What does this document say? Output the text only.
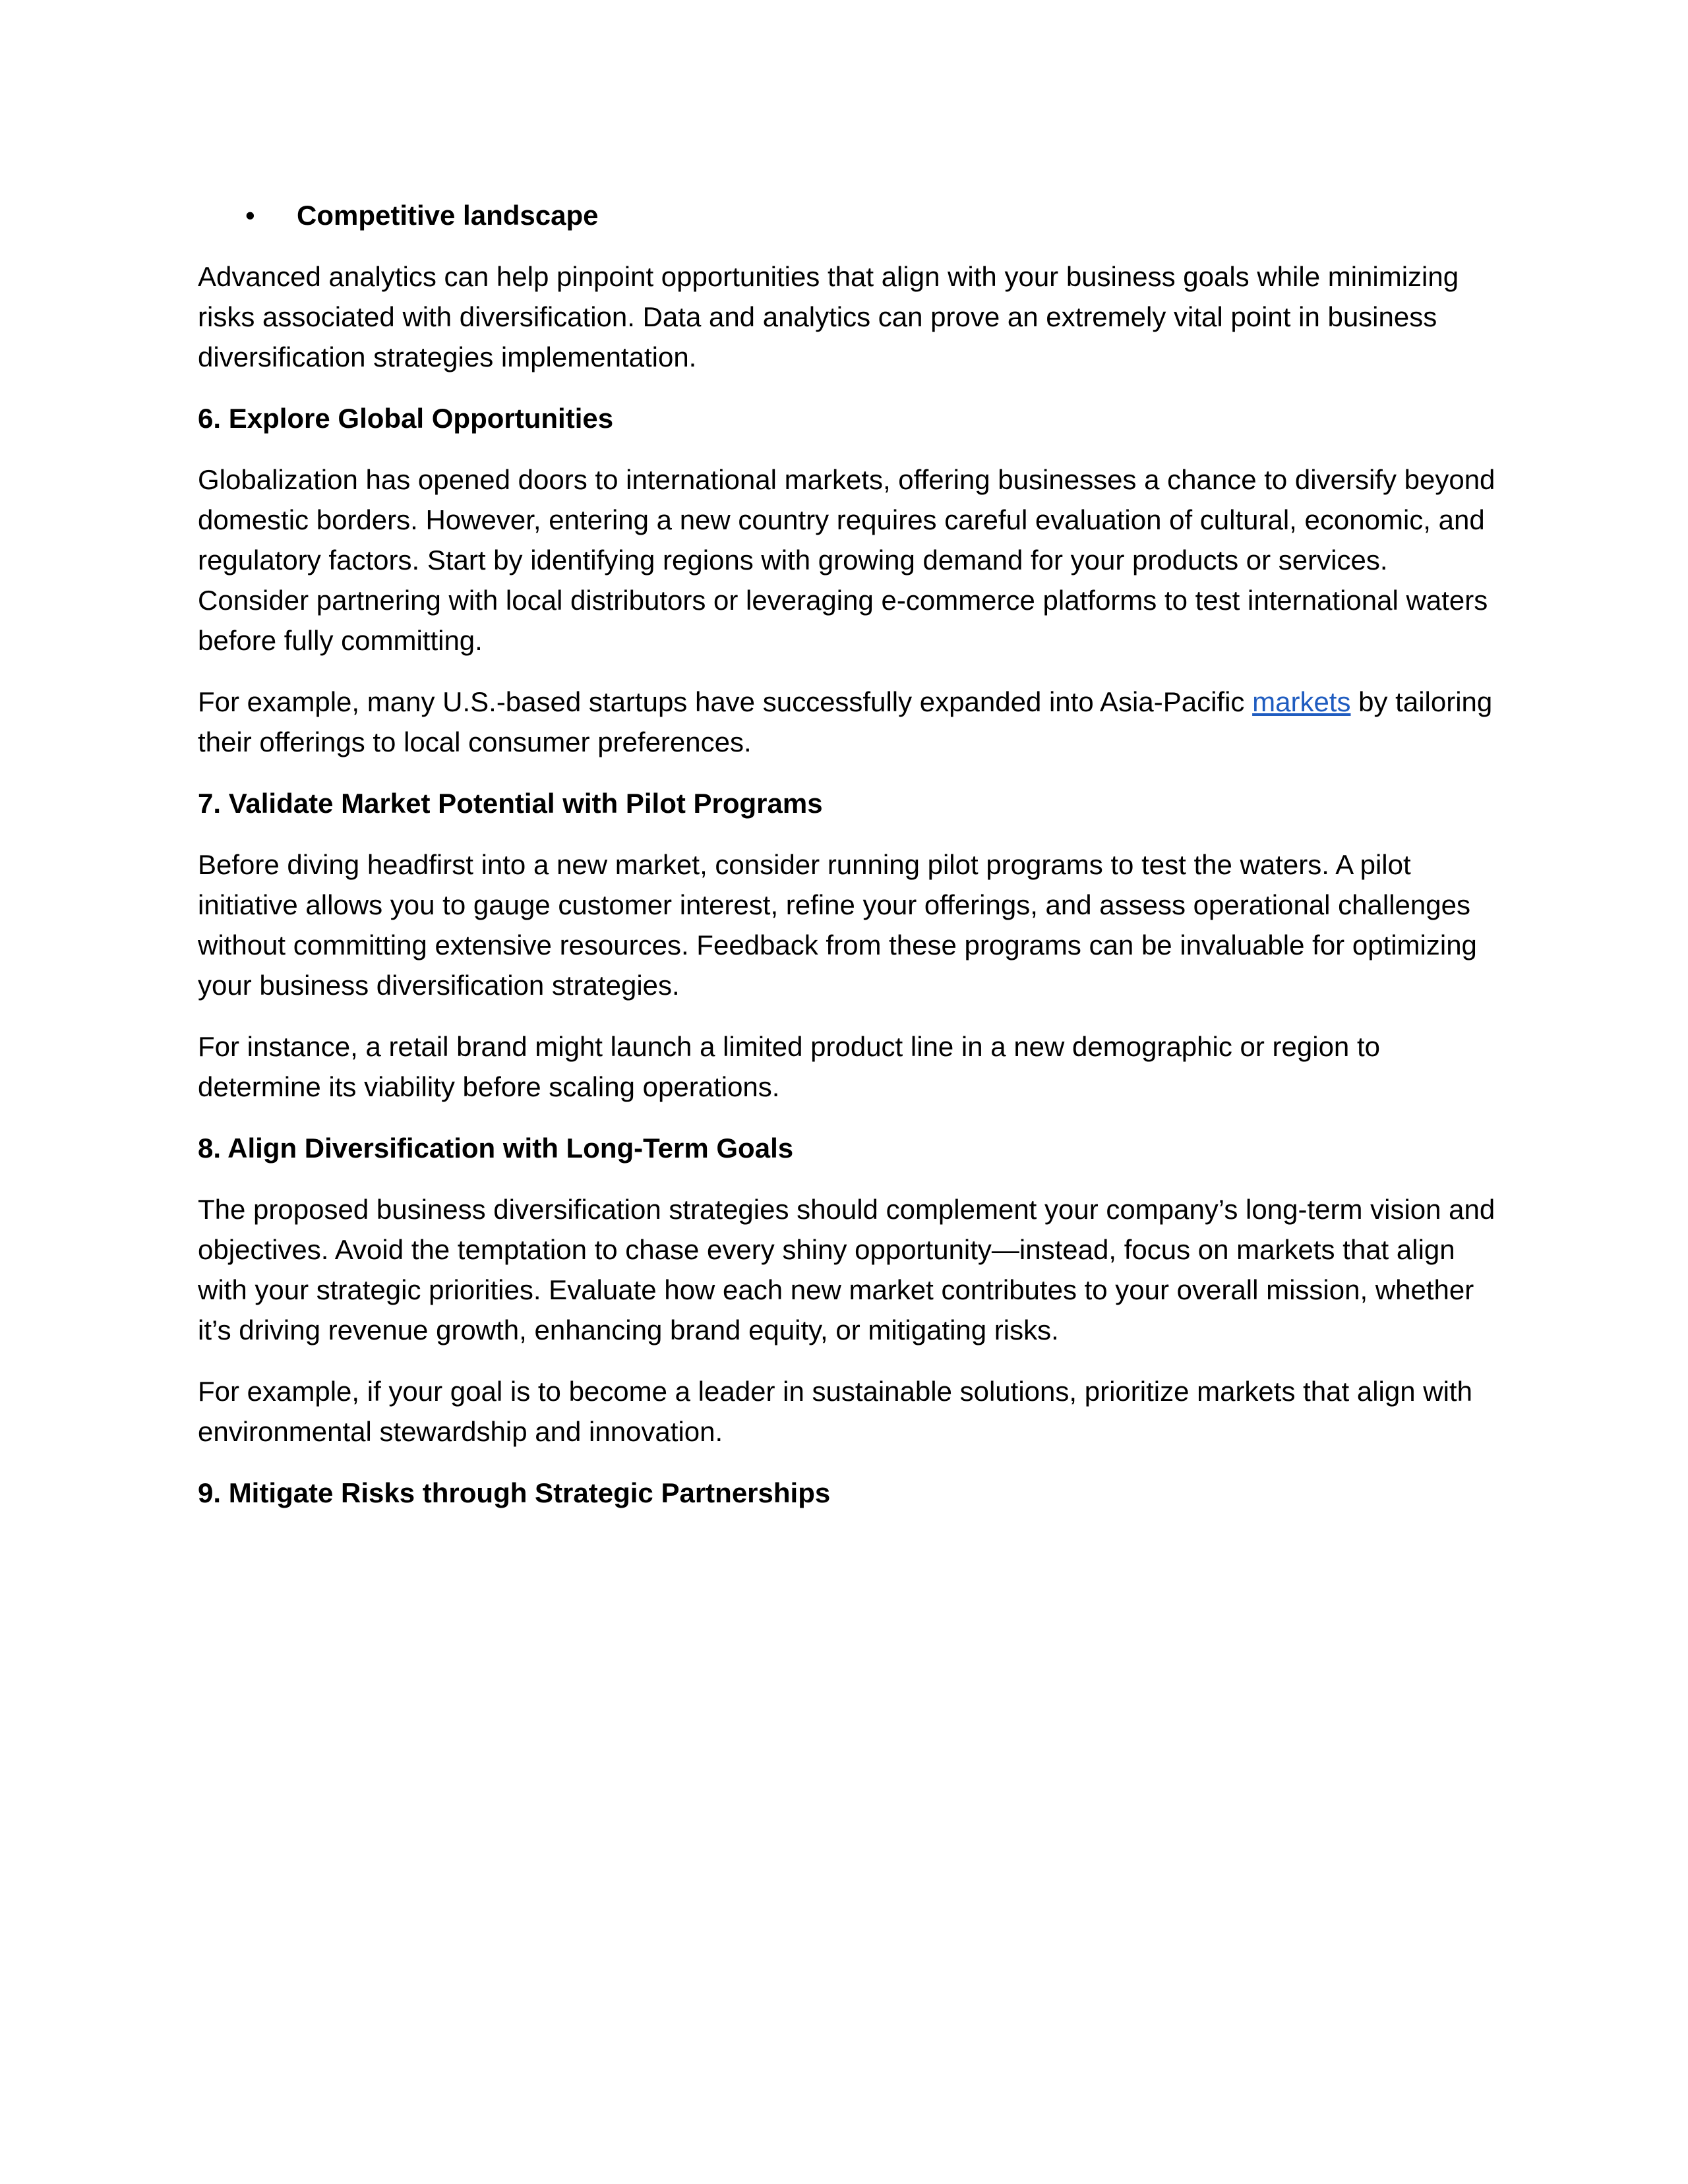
• Competitive landscape

Advanced analytics can help pinpoint opportunities that align with your business goals while minimizing risks associated with diversification. Data and analytics can prove an extremely vital point in business diversification strategies implementation.

6. Explore Global Opportunities

Globalization has opened doors to international markets, offering businesses a chance to diversify beyond domestic borders. However, entering a new country requires careful evaluation of cultural, economic, and regulatory factors. Start by identifying regions with growing demand for your products or services. Consider partnering with local distributors or leveraging e-commerce platforms to test international waters before fully committing.

For example, many U.S.-based startups have successfully expanded into Asia-Pacific markets by tailoring their offerings to local consumer preferences.

7. Validate Market Potential with Pilot Programs

Before diving headfirst into a new market, consider running pilot programs to test the waters. A pilot initiative allows you to gauge customer interest, refine your offerings, and assess operational challenges without committing extensive resources. Feedback from these programs can be invaluable for optimizing your business diversification strategies.

For instance, a retail brand might launch a limited product line in a new demographic or region to determine its viability before scaling operations.

8. Align Diversification with Long-Term Goals

The proposed business diversification strategies should complement your company’s long-term vision and objectives. Avoid the temptation to chase every shiny opportunity—instead, focus on markets that align with your strategic priorities. Evaluate how each new market contributes to your overall mission, whether it’s driving revenue growth, enhancing brand equity, or mitigating risks.

For example, if your goal is to become a leader in sustainable solutions, prioritize markets that align with environmental stewardship and innovation.

9. Mitigate Risks through Strategic Partnerships
